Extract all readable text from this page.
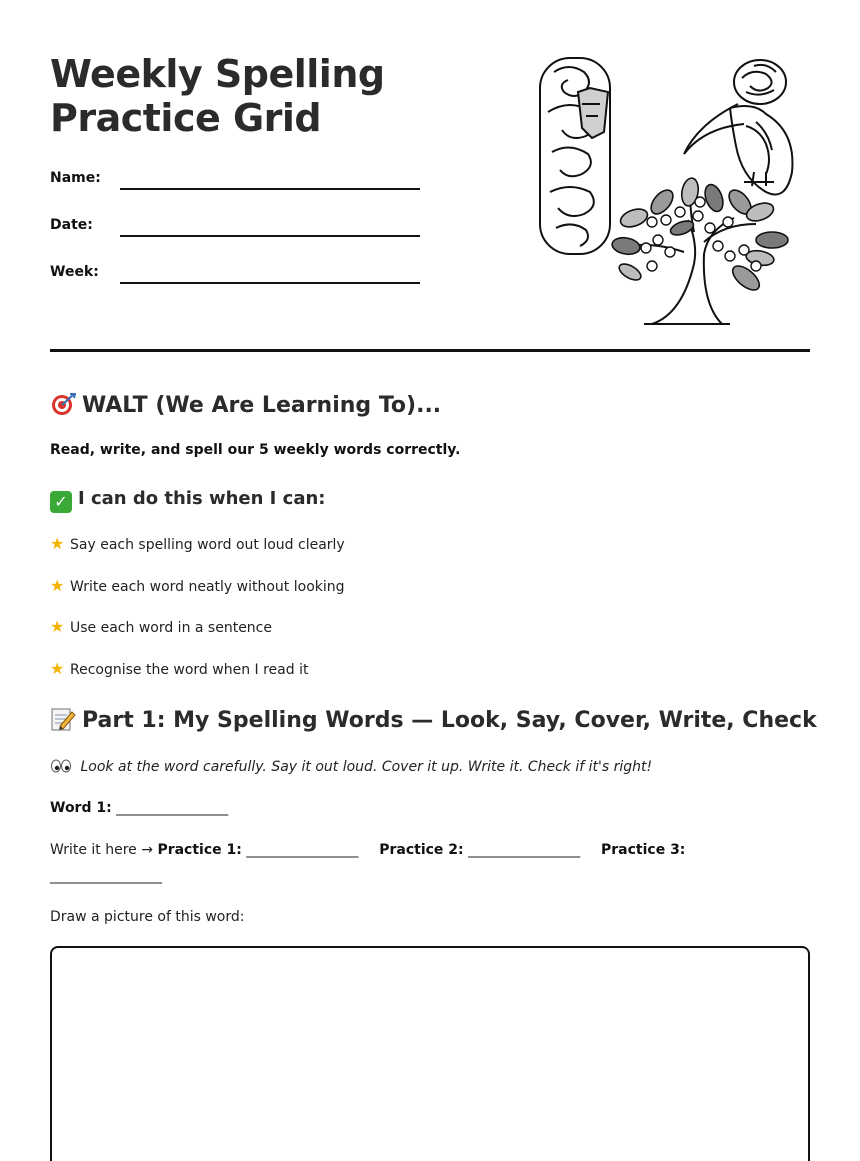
Weekly Spelling
Practice Grid
Name:
Date:
Week:
WALT (We Are Learning To)...
Read, write, and spell our 5 weekly words correctly.
✓ I can do this when I can:
★ Say each spelling word out loud clearly
★ Write each word neatly without looking
★ Use each word in a sentence
★ Recognise the word when I read it
Part 1: My Spelling Words — Look, Say, Cover, Write, Check
Look at the word carefully. Say it out loud. Cover it up. Write it. Check if it's right!
Word 1: ________________
Write it here → Practice 1: ________________ Practice 2: ________________ Practice 3:
________________
Draw a picture of this word:
